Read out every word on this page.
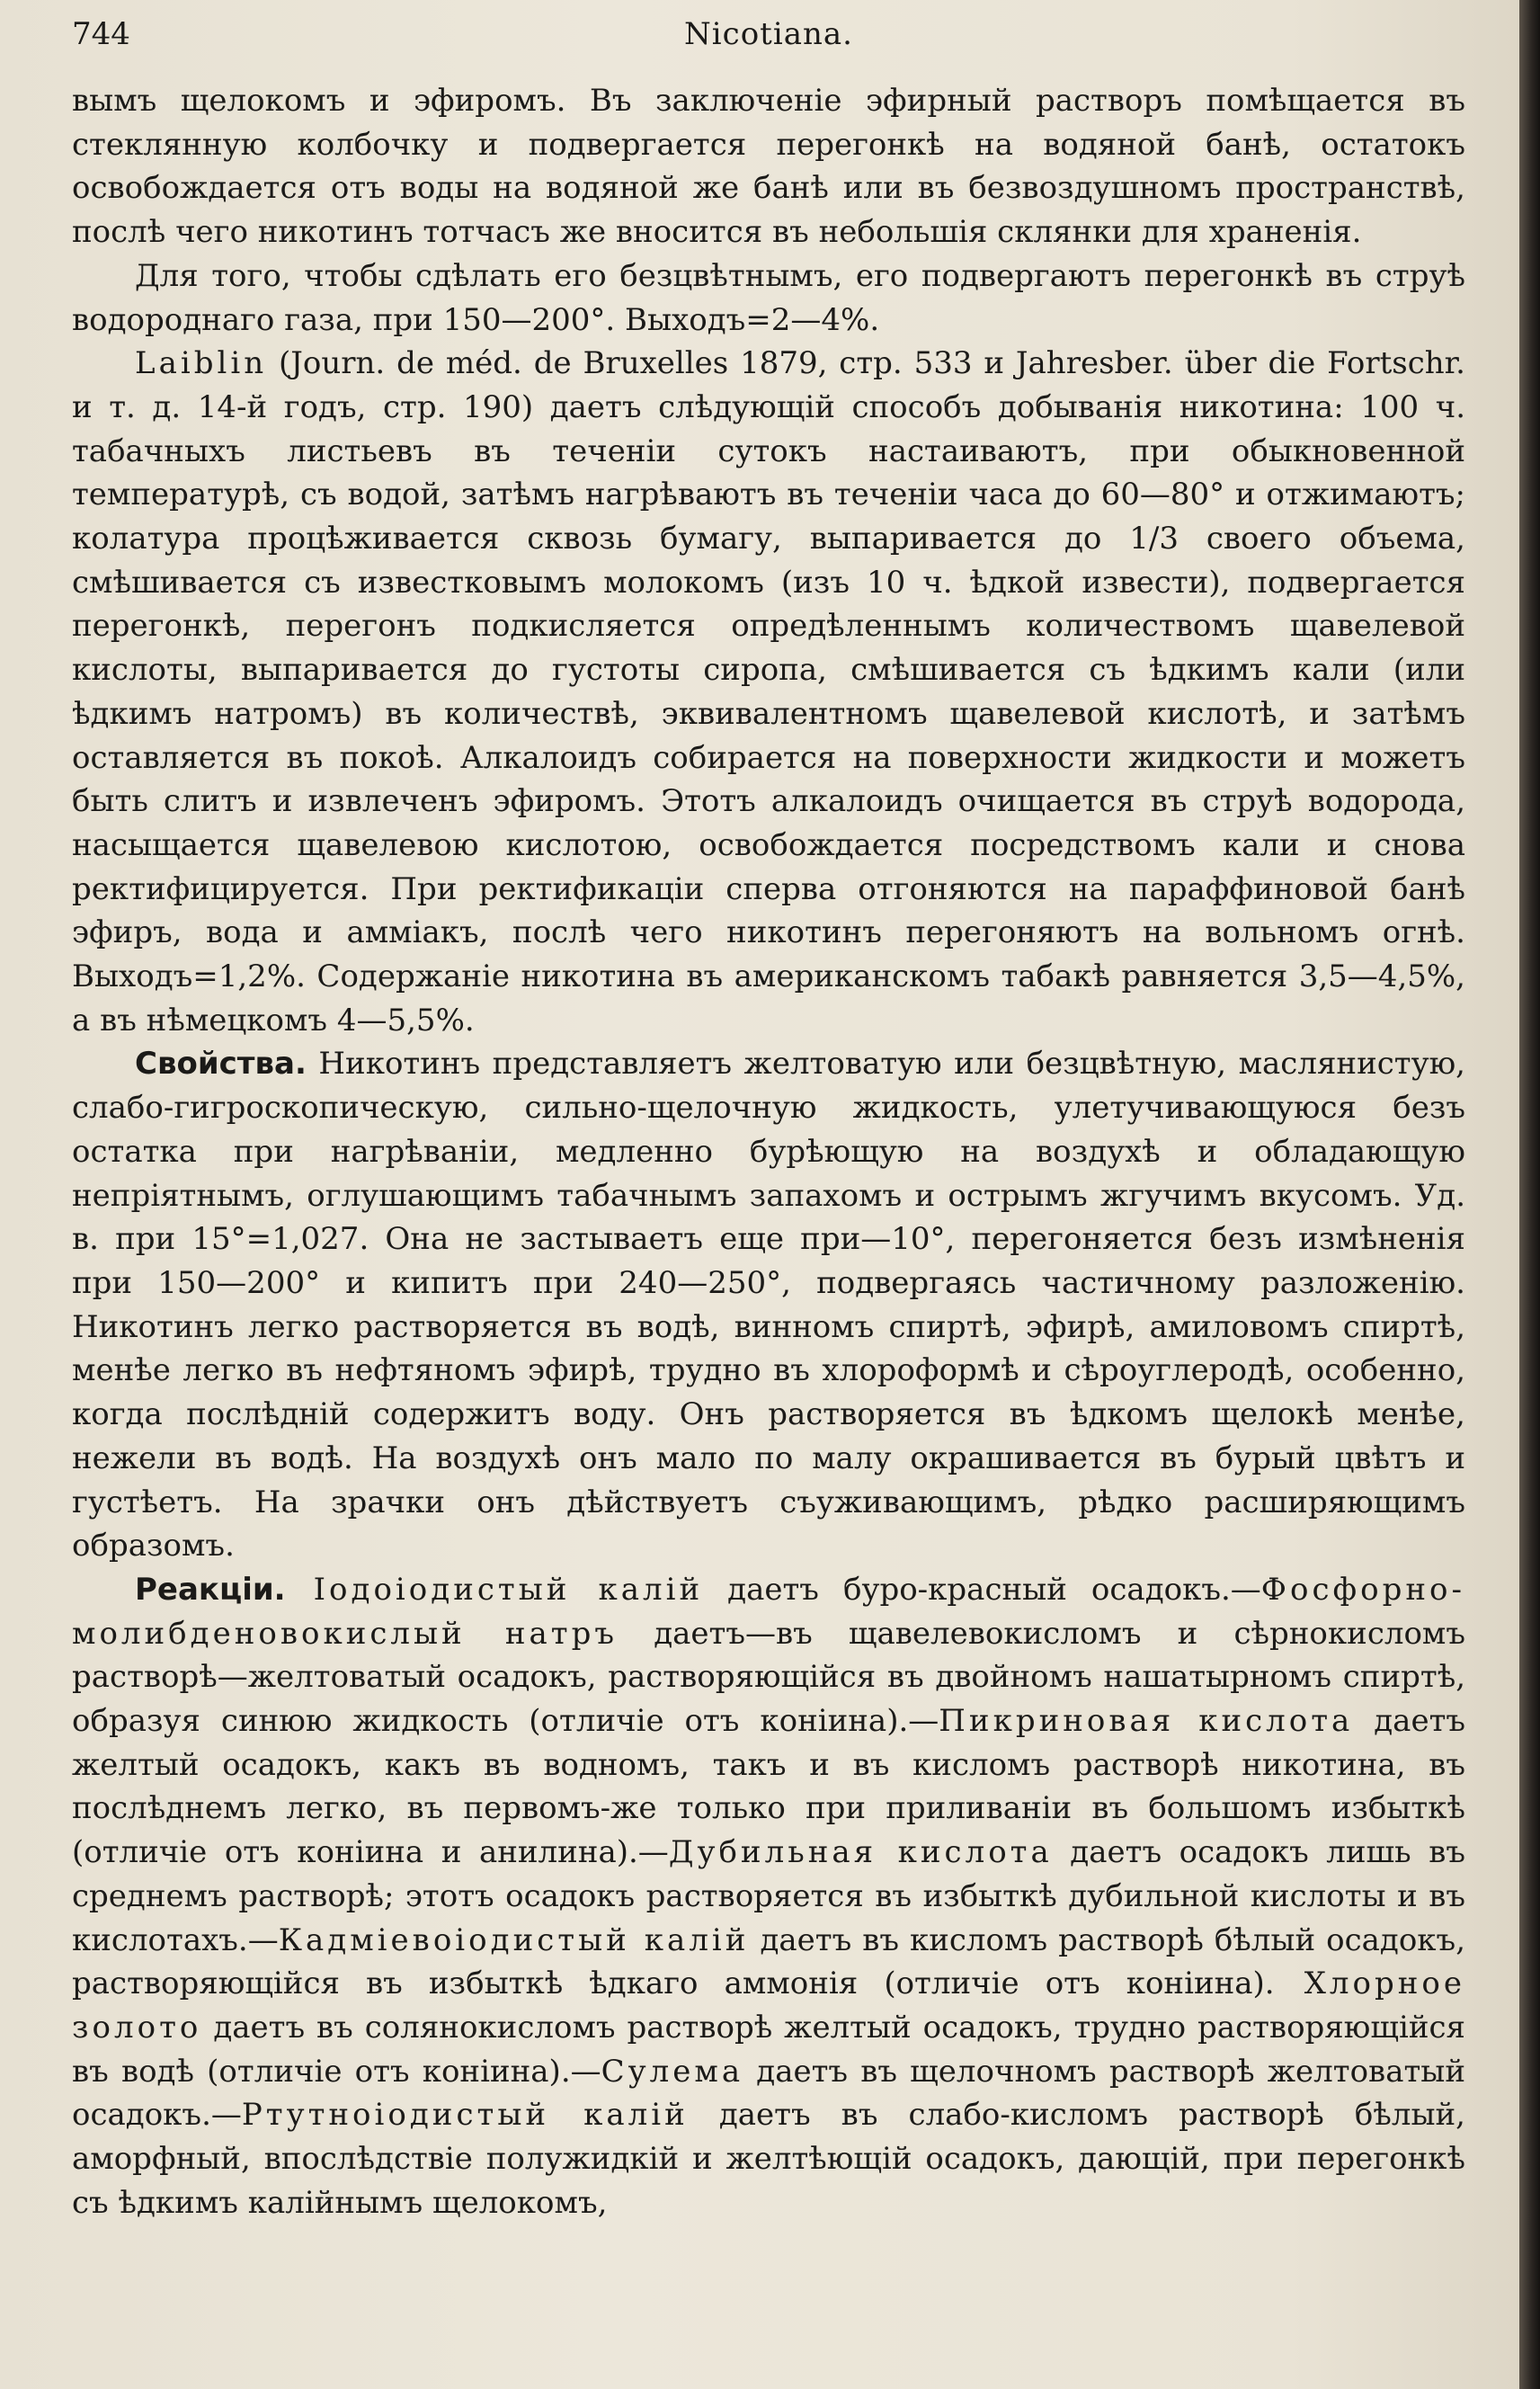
744	Nicotiana.

вымъ щелокомъ и эфиромъ. Въ заключеніе эфирный растворъ помѣщается въ стеклянную колбочку и подвергается перегонкѣ на водяной банѣ, остатокъ освобождается отъ воды на водяной же банѣ или въ безвоздушномъ пространствѣ, послѣ чего никотинъ тотчасъ же вносится въ небольшія склянки для храненія.

Для того, чтобы сдѣлать его безцвѣтнымъ, его подвергаютъ перегонкѣ въ струѣ водороднаго газа, при 150—200°. Выходъ=2—4%.

Laiblin (Journ. de méd. de Bruxelles 1879, стр. 533 и Jahresber. über die Fortschr. и т. д. 14-й годъ, стр. 190) даетъ слѣдующій способъ добыванія никотина: 100 ч. табачныхъ листьевъ въ теченіи сутокъ настаиваютъ, при обыкновенной температурѣ, съ водой, затѣмъ нагрѣваютъ въ теченіи часа до 60—80° и отжимаютъ; колатура процѣживается сквозь бумагу, выпаривается до 1/3 своего объема, смѣшивается съ известковымъ молокомъ (изъ 10 ч. ѣдкой извести), подвергается перегонкѣ, перегонъ подкисляется опредѣленнымъ количествомъ щавелевой кислоты, выпаривается до густоты сиропа, смѣшивается съ ѣдкимъ кали (или ѣдкимъ натромъ) въ количествѣ, эквивалентномъ щавелевой кислотѣ, и затѣмъ оставляется въ покоѣ. Алкалоидъ собирается на поверхности жидкости и можетъ быть слитъ и извлеченъ эфиромъ. Этотъ алкалоидъ очищается въ струѣ водорода, насыщается щавелевою кислотою, освобождается посредствомъ кали и снова ректифицируется. При ректификаціи сперва отгоняются на параффиновой банѣ эфиръ, вода и амміакъ, послѣ чего никотинъ перегоняютъ на вольномъ огнѣ. Выходъ=1,2%. Содержаніе никотина въ американскомъ табакѣ равняется 3,5—4,5%, а въ нѣмецкомъ 4—5,5%.

Свойства. Никотинъ представляетъ желтоватую или безцвѣтную, маслянистую, слабо-гигроскопическую, сильно-щелочную жидкость, улетучивающуюся безъ остатка при нагрѣваніи, медленно бурѣющую на воздухѣ и обладающую непріятнымъ, оглушающимъ табачнымъ запахомъ и острымъ жгучимъ вкусомъ. Уд. в. при 15°=1,027. Она не застываетъ еще при—10°, перегоняется безъ измѣненія при 150—200° и кипитъ при 240—250°, подвергаясь частичному разложенію. Никотинъ легко растворяется въ водѣ, винномъ спиртѣ, эфирѣ, амиловомъ спиртѣ, менѣе легко въ нефтяномъ эфирѣ, трудно въ хлороформѣ и сѣроуглеродѣ, особенно, когда послѣдній содержитъ воду. Онъ растворяется въ ѣдкомъ щелокѣ менѣе, нежели въ водѣ. На воздухѣ онъ мало по малу окрашивается въ бурый цвѣтъ и густѣетъ. На зрачки онъ дѣйствуетъ съуживающимъ, рѣдко расширяющимъ образомъ.

Реакціи. Іодоіодистый калій даетъ буро-красный осадокъ.—Фосфорно-молибденовокислый натръ даетъ—въ щавелевокисломъ и сѣрнокисломъ растворѣ—желтоватый осадокъ, растворяющійся въ двойномъ нашатырномъ спиртѣ, образуя синюю жидкость (отличіе отъ коніина).—Пикриновая кислота даетъ желтый осадокъ, какъ въ водномъ, такъ и въ кисломъ растворѣ никотина, въ послѣднемъ легко, въ первомъ-же только при приливаніи въ большомъ избыткѣ (отличіе отъ коніина и анилина).—Дубильная кислота даетъ осадокъ лишь въ среднемъ растворѣ; этотъ осадокъ растворяется въ избыткѣ дубильной кислоты и въ кислотахъ.—Кадміевоіодистый калій даетъ въ кисломъ растворѣ бѣлый осадокъ, растворяющійся въ избыткѣ ѣдкаго аммонія (отличіе отъ коніина). Хлорное золото даетъ въ солянокисломъ растворѣ желтый осадокъ, трудно растворяющійся въ водѣ (отличіе отъ коніина).—Сулема даетъ въ щелочномъ растворѣ желтоватый осадокъ.—Ртутноіодистый калій даетъ въ слабо-кисломъ растворѣ бѣлый, аморфный, впослѣдствіе полужидкій и желтѣющій осадокъ, дающій, при перегонкѣ съ ѣдкимъ калійнымъ щелокомъ,
